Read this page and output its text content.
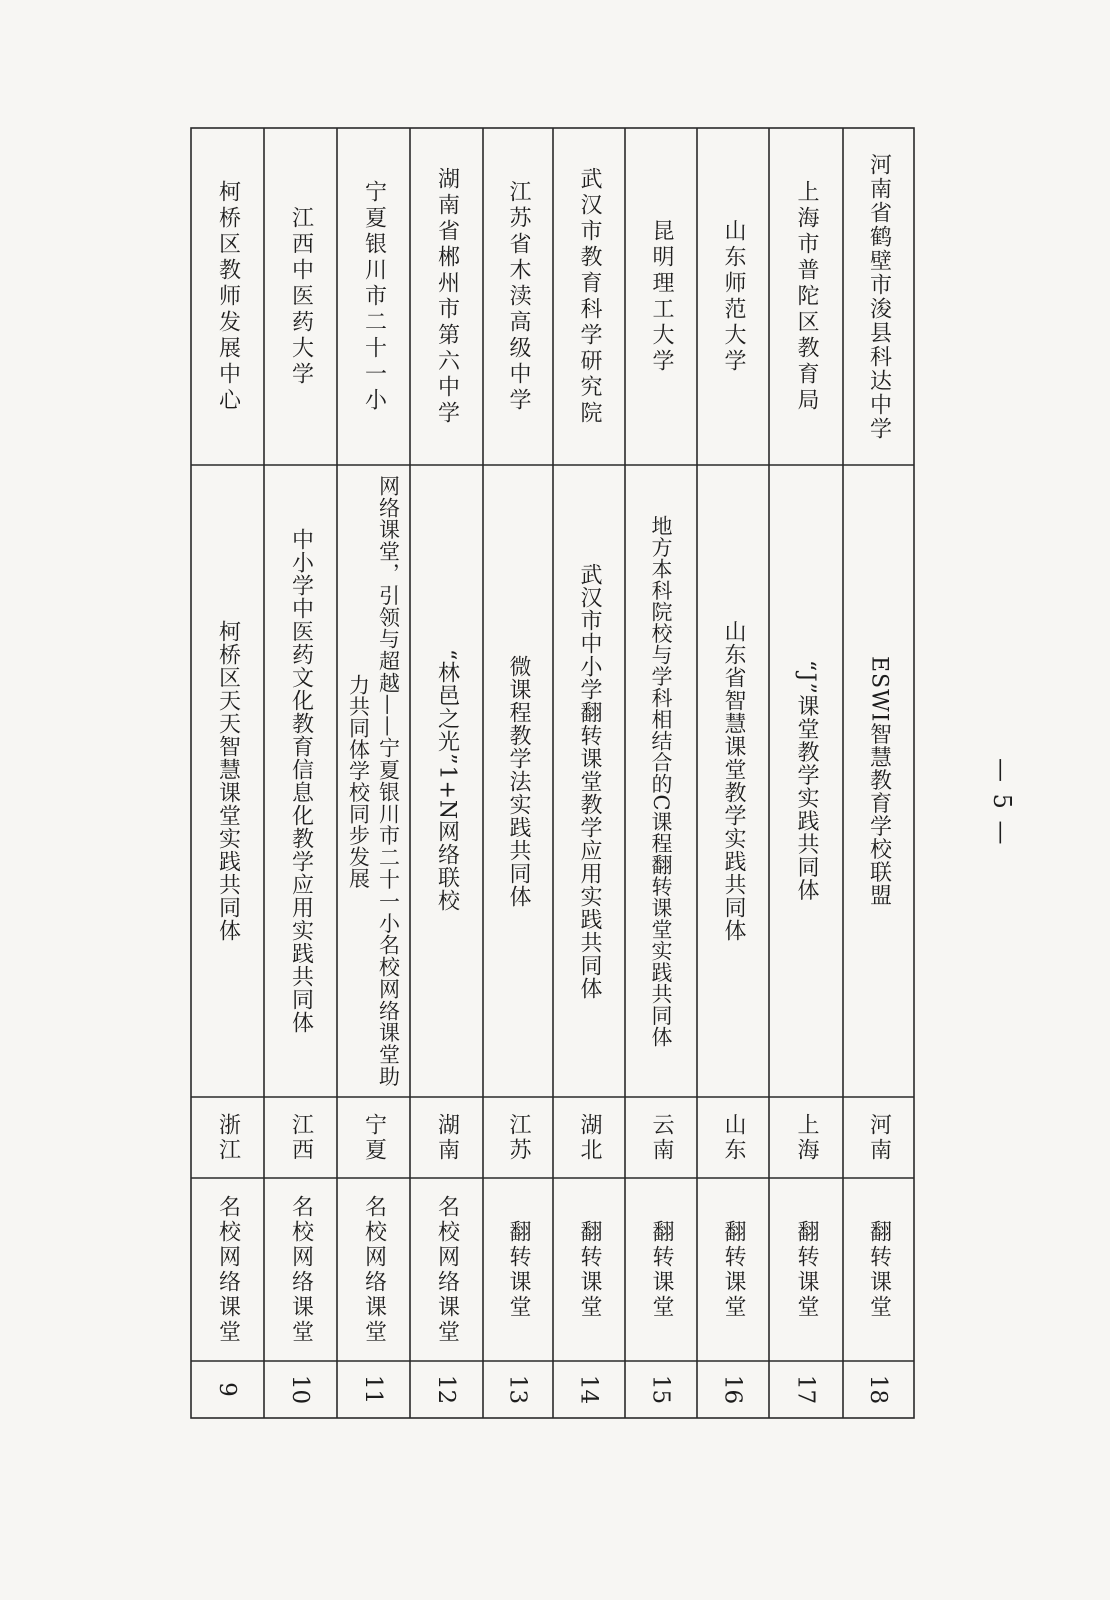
9
名校网络课堂
浙江
柯桥区天天智慧课堂实践共同体
柯桥区教师发展中心
10
名校网络课堂
江西
中小学中医药文化教育信息化教学应用实践共同体
江西中医药大学
11
名校网络课堂
宁夏
网络课堂，引领与超越——宁夏银川市二十一小名校网络课堂助力共同体学校同步发展
宁夏银川市二十一小
12
名校网络课堂
湖南
“林邑之光”1+N网络联校
湖南省郴州市第六中学
13
翻转课堂
江苏
微课程教学法实践共同体
江苏省木渎高级中学
14
翻转课堂
湖北
武汉市中小学翻转课堂教学应用实践共同体
武汉市教育科学研究院
15
翻转课堂
云南
地方本科院校与学科相结合的C课程翻转课堂实践共同体
昆明理工大学
16
翻转课堂
山东
山东省智慧课堂教学实践共同体
山东师范大学
17
翻转课堂
上海
“J”课堂教学实践共同体
上海市普陀区教育局
18
翻转课堂
河南
ESWI智慧教育学校联盟
河南省鹤壁市浚县科达中学
— 5 —
